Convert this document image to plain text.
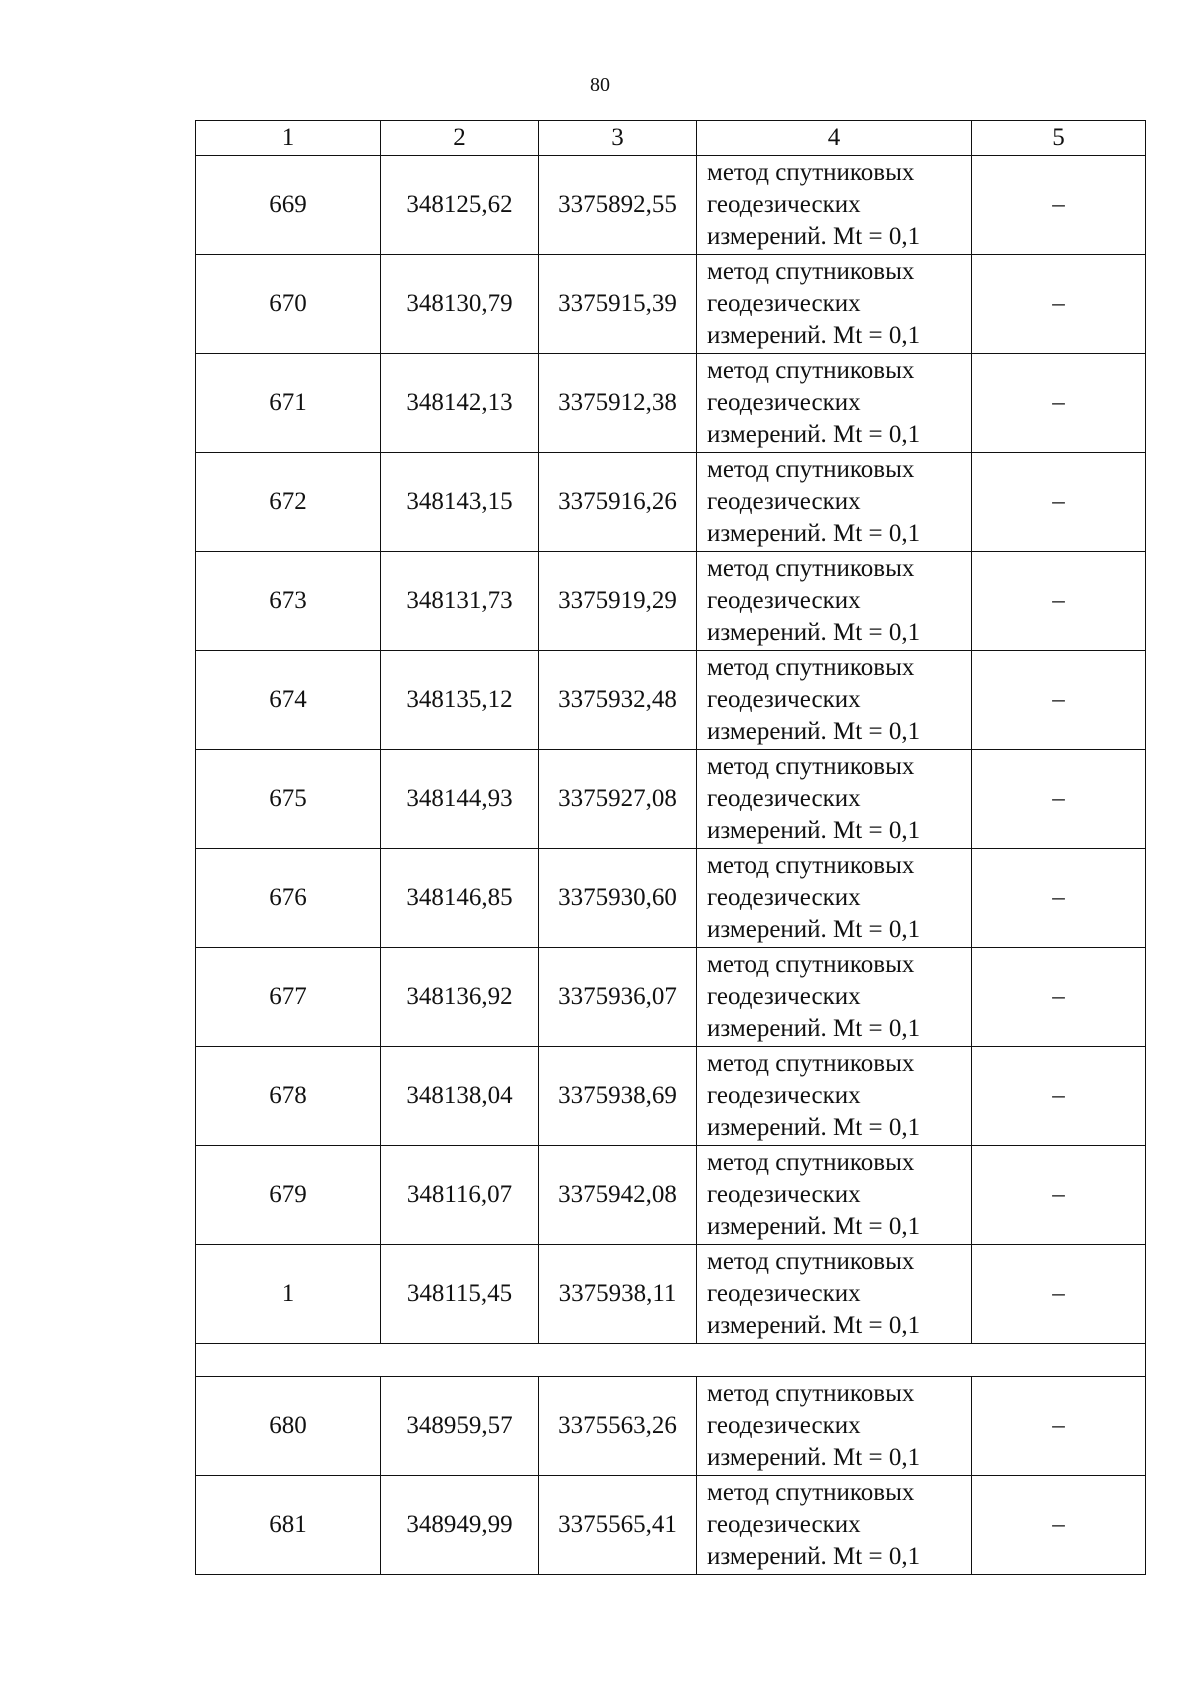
80
1	2	3	4	5
669	348125,62	3375892,55	метод спутниковых
геодезических
измерений. Mt = 0,1	–
670	348130,79	3375915,39	метод спутниковых
геодезических
измерений. Mt = 0,1	–
671	348142,13	3375912,38	метод спутниковых
геодезических
измерений. Mt = 0,1	–
672	348143,15	3375916,26	метод спутниковых
геодезических
измерений. Mt = 0,1	–
673	348131,73	3375919,29	метод спутниковых
геодезических
измерений. Mt = 0,1	–
674	348135,12	3375932,48	метод спутниковых
геодезических
измерений. Mt = 0,1	–
675	348144,93	3375927,08	метод спутниковых
геодезических
измерений. Mt = 0,1	–
676	348146,85	3375930,60	метод спутниковых
геодезических
измерений. Mt = 0,1	–
677	348136,92	3375936,07	метод спутниковых
геодезических
измерений. Mt = 0,1	–
678	348138,04	3375938,69	метод спутниковых
геодезических
измерений. Mt = 0,1	–
679	348116,07	3375942,08	метод спутниковых
геодезических
измерений. Mt = 0,1	–
1	348115,45	3375938,11	метод спутниковых
геодезических
измерений. Mt = 0,1	–

680	348959,57	3375563,26	метод спутниковых
геодезических
измерений. Mt = 0,1	–
681	348949,99	3375565,41	метод спутниковых
геодезических
измерений. Mt = 0,1	–
